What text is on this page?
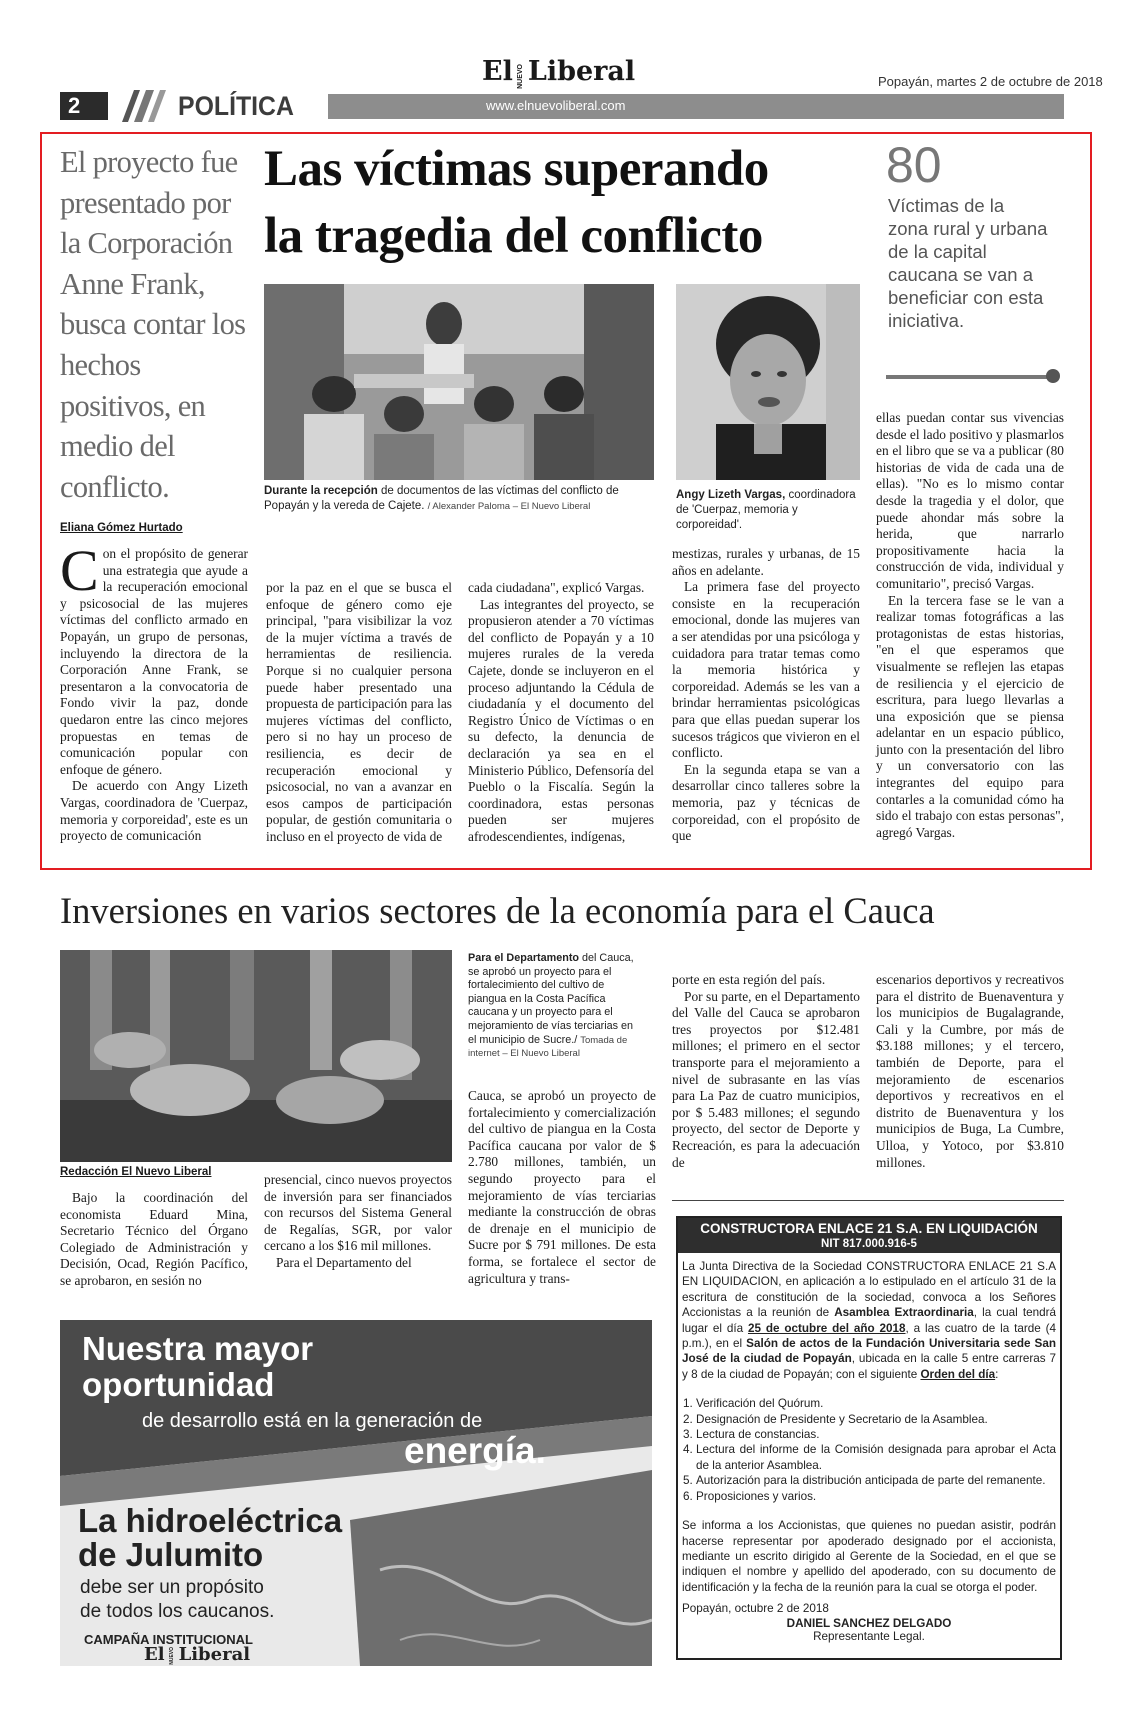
2	POLÍTICA	www.elnuevoliberal.com
El NUEVO Liberal	Popayán, martes 2 de octubre de 2018
El proyecto fue presentado por la Corporación Anne Frank, busca contar los hechos positivos, en medio del conflicto.
Las víctimas superando
la tragedia del conflicto
80
Víctimas de la zona rural y urbana de la capital caucana se van a beneficiar con esta iniciativa.

Durante la recepción de documentos de las víctimas del conflicto de Popayán y la vereda de Cajete. / Alexander Paloma – El Nuevo Liberal

Angy Lizeth Vargas, coordinadora de 'Cuerpaz, memoria y corporeidad'.

Eliana Gómez Hurtado

Con el propósito de generar una estrategia que ayude a la recuperación emocional y psicosocial de las mujeres víctimas del conflicto armado en Popayán, un grupo de personas, incluyendo la directora de la Corporación Anne Frank, se presentaron a la convocatoria de Fondo vivir la paz, donde quedaron entre las cinco mejores propuestas en temas de comunicación popular con enfoque de género.

De acuerdo con Angy Lizeth Vargas, coordinadora de 'Cuerpaz, memoria y corporeidad', este es un proyecto de comunicación

por la paz en el que se busca el enfoque de género como eje principal, "para visibilizar la voz de la mujer víctima a través de herramientas de resiliencia. Porque si no cualquier persona puede haber presentado una propuesta de participación para las mujeres víctimas del conflicto, pero si no hay un proceso de resiliencia, es decir de recuperación emocional y psicosocial, no van a avanzar en esos campos de participación popular, de gestión comunitaria o incluso en el proyecto de vida de

cada ciudadana", explicó Vargas.

Las integrantes del proyecto, se propusieron atender a 70 víctimas del conflicto de Popayán y a 10 mujeres rurales de la vereda Cajete, donde se incluyeron en el proceso adjuntando la Cédula de ciudadanía y el documento del Registro Único de Víctimas o en su defecto, la denuncia de declaración ya sea en el Ministerio Público, Defensoría del Pueblo o la Fiscalía. Según la coordinadora, estas personas pueden ser mujeres afrodescendientes, indígenas,

mestizas, rurales y urbanas, de 15 años en adelante.

La primera fase del proyecto consiste en la recuperación emocional, donde las mujeres van a ser atendidas por una psicóloga y cuidadora para tratar temas como la memoria histórica y corporeidad. Además se les van a brindar herramientas psicológicas para que ellas puedan superar los sucesos trágicos que vivieron en el conflicto.

En la segunda etapa se van a desarrollar cinco talleres sobre la memoria, paz y técnicas de corporeidad, con el propósito de que

ellas puedan contar sus vivencias desde el lado positivo y plasmarlos en el libro que se va a publicar (80 historias de vida de cada una de ellas). "No es lo mismo contar desde la tragedia y el dolor, que puede ahondar más sobre la herida, que narrarlo propositivamente hacia la construcción de vida, individual y comunitario", precisó Vargas.

En la tercera fase se le van a realizar tomas fotográficas a las protagonistas de estas historias, "en el que esperamos que visualmente se reflejen las etapas de resiliencia y el ejercicio de escritura, para luego llevarlas a una exposición que se piensa adelantar en un espacio público, junto con la presentación del libro y un conversatorio con las integrantes del equipo para contarles a la comunidad cómo ha sido el trabajo con estas personas", agregó Vargas.

Inversiones en varios sectores de la economía para el Cauca

Para el Departamento del Cauca, se aprobó un proyecto para el fortalecimiento del cultivo de piangua en la Costa Pacífica caucana y un proyecto para el mejoramiento de vías terciarias en el municipio de Sucre./ Tomada de internet – El Nuevo Liberal

Redacción El Nuevo Liberal

Bajo la coordinación del economista Eduard Mina, Secretario Técnico del Órgano Colegiado de Administración y Decisión, Ocad, Región Pacífico, se aprobaron, en sesión no

presencial, cinco nuevos proyectos de inversión para ser financiados con recursos del Sistema General de Regalías, SGR, por valor cercano a los $16 mil millones.

Para el Departamento del

Cauca, se aprobó un proyecto de fortalecimiento y comercialización del cultivo de piangua en la Costa Pacífica caucana por valor de $ 2.780 millones, también, un segundo proyecto para el mejoramiento de vías terciarias mediante la construcción de obras de drenaje en el municipio de Sucre por $ 791 millones. De esta forma, se fortalece el sector de agricultura y trans-

porte en esta región del país.

Por su parte, en el Departamento del Valle del Cauca se aprobaron tres proyectos por $12.481 millones; el primero en el sector transporte para el mejoramiento a nivel de subrasante en las vías para La Paz de cuatro municipios, por $ 5.483 millones; el segundo proyecto, del sector de Deporte y Recreación, es para la adecuación de

escenarios deportivos y recreativos para el distrito de Buenaventura y los municipios de Bugalagrande, Cali y la Cumbre, por más de $3.188 millones; y el tercero, también de Deporte, para el mejoramiento de escenarios deportivos y recreativos en el distrito de Buenaventura y los municipios de Buga, La Cumbre, Ulloa, y Yotoco, por $3.810 millones.

Nuestra mayor
oportunidad
de desarrollo está en la generación de
energía.
La hidroeléctrica
de Julumito
debe ser un propósito
de todos los caucanos.
CAMPAÑA INSTITUCIONAL
El NUEVO Liberal
CONSTRUCTORA ENLACE 21 S.A. EN LIQUIDACIÓN
NIT 817.000.916-5

La Junta Directiva de la Sociedad CONSTRUCTORA ENLACE 21 S.A EN LIQUIDACION, en aplicación a lo estipulado en el artículo 31 de la escritura de constitución de la sociedad, convoca a los Señores Accionistas a la reunión de Asamblea Extraordinaria, la cual tendrá lugar el día 25 de octubre del año 2018, a las cuatro de la tarde (4 p.m.), en el Salón de actos de la Fundación Universitaria sede San José de la ciudad de Popayán, ubicada en la calle 5 entre carreras 7 y 8 de la ciudad de Popayán; con el siguiente Orden del día:

1. Verificación del Quórum.
2. Designación de Presidente y Secretario de la Asamblea.
3. Lectura de constancias.
4. Lectura del informe de la Comisión designada para aprobar el Acta de la anterior Asamblea.
5. Autorización para la distribución anticipada de parte del remanente.
6. Proposiciones y varios.

Se informa a los Accionistas, que quienes no puedan asistir, podrán hacerse representar por apoderado designado por el accionista, mediante un escrito dirigido al Gerente de la Sociedad, en el que se indiquen el nombre y apellido del apoderado, con su documento de identificación y la fecha de la reunión para la cual se otorga el poder.

Popayán, octubre 2 de 2018

DANIEL SANCHEZ DELGADO

Representante Legal.
